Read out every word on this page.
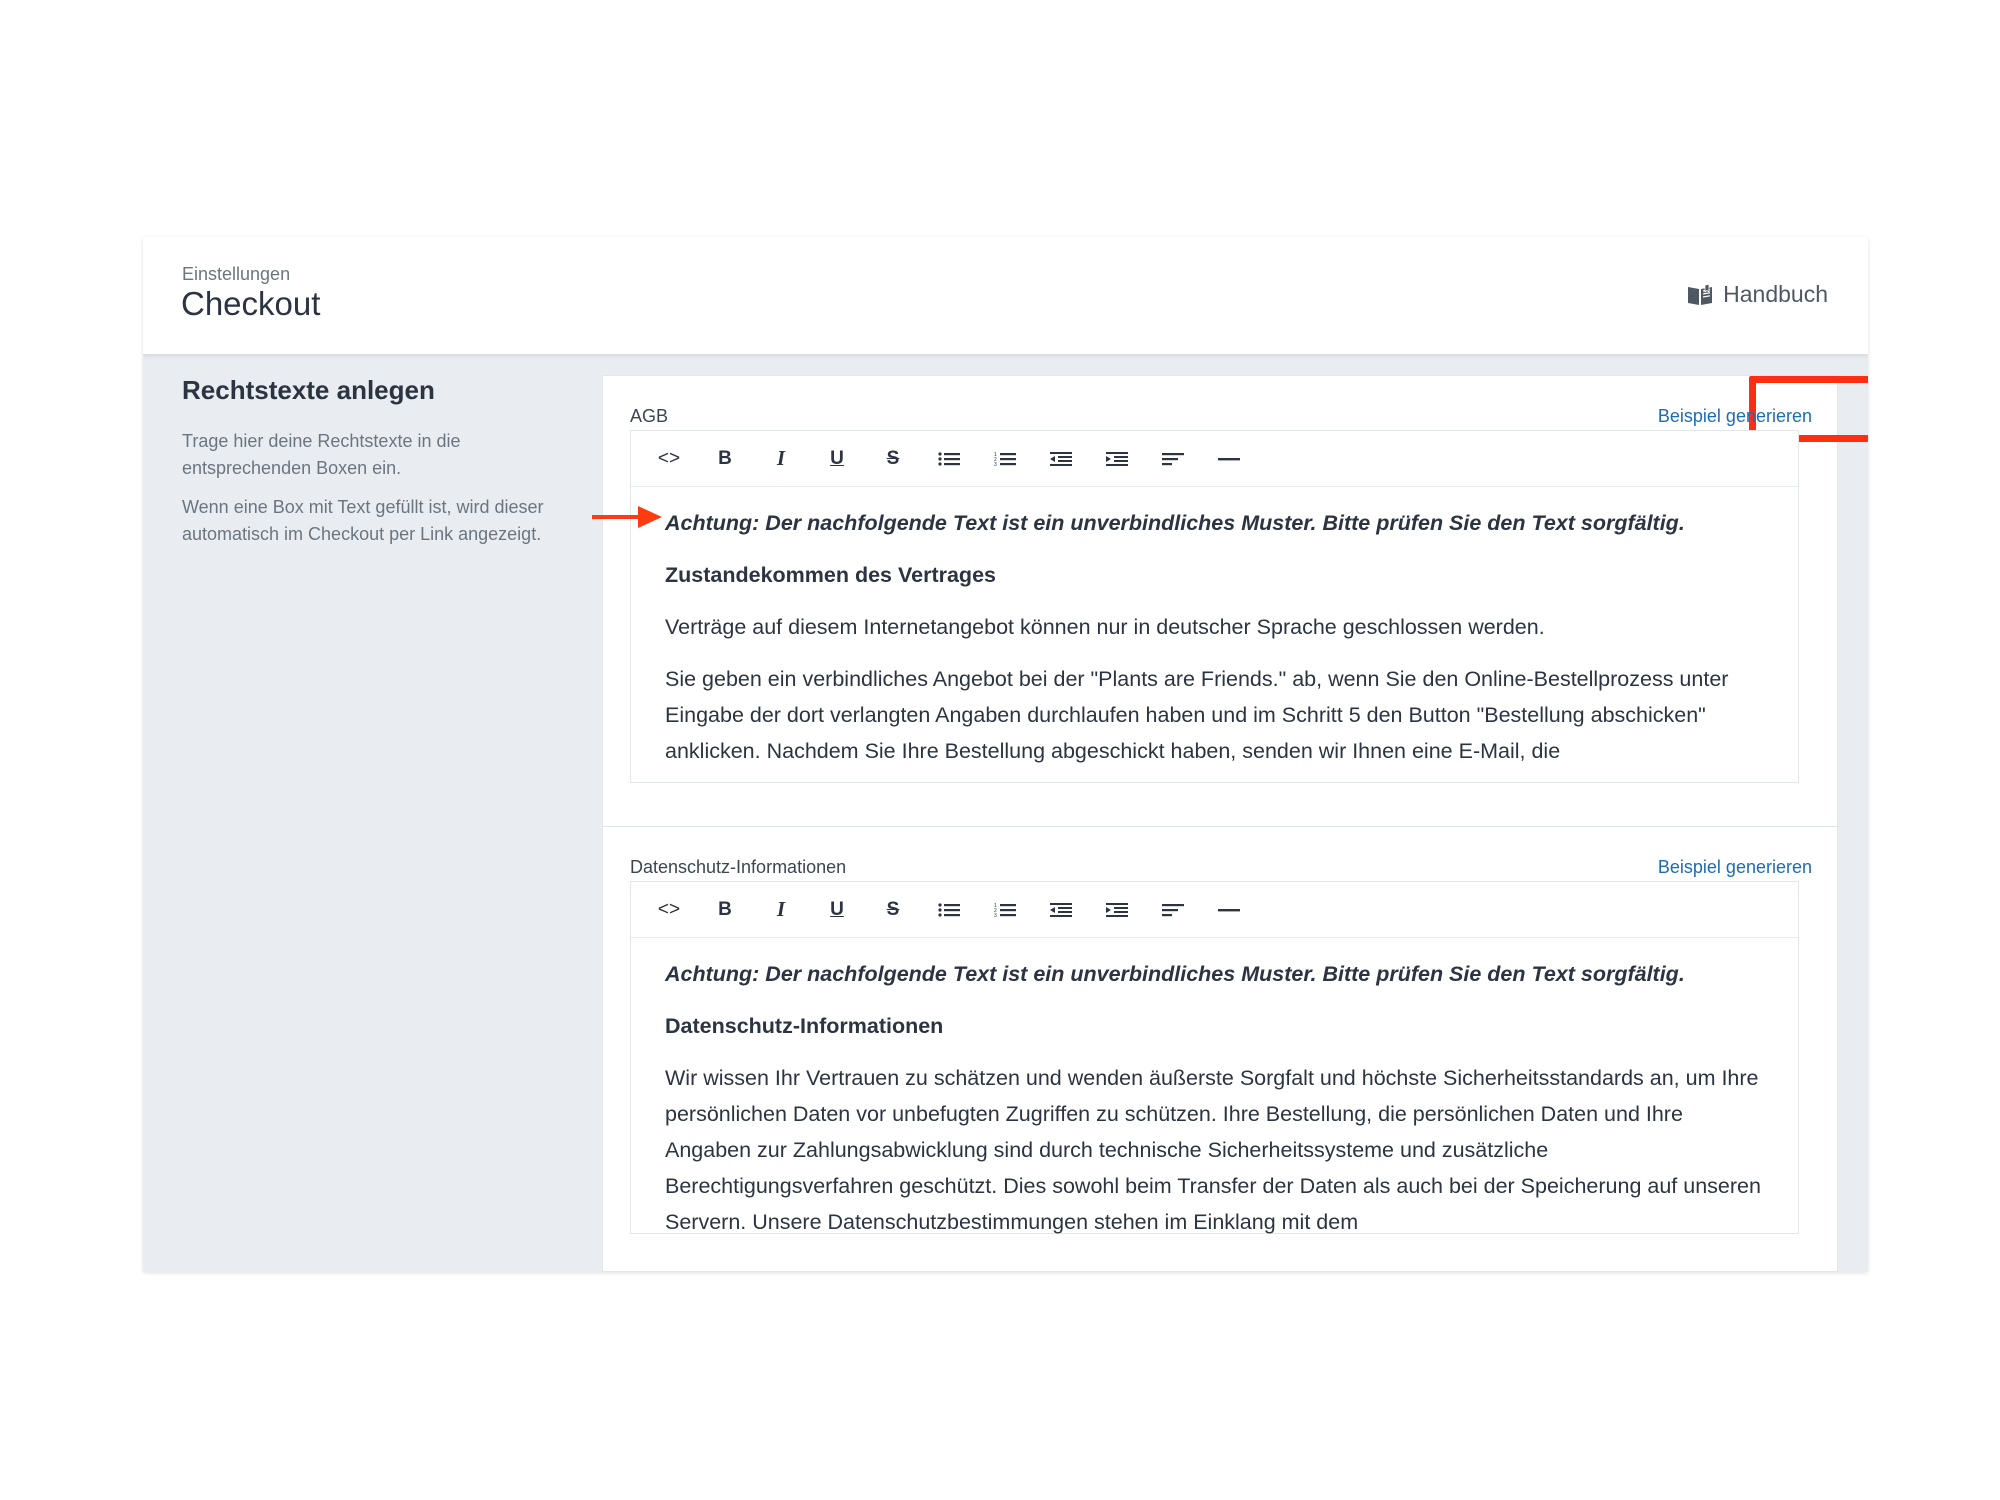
Einstellungen
Checkout	Handbuch
Rechtstexte anlegen

Trage hier deine Rechtstexte in die entsprechenden Boxen ein.

Wenn eine Box mit Text gefüllt ist, wird dieser automatisch im Checkout per Link angezeigt.

AGB	Beispiel generieren
<>	B	I	U	S	1
2
3

Achtung: Der nachfolgende Text ist ein unverbindliches Muster. Bitte prüfen Sie den Text sorgfältig.

Zustandekommen des Vertrages

Verträge auf diesem Internetangebot können nur in deutscher Sprache geschlossen werden.

Sie geben ein verbindliches Angebot bei der "Plants are Friends." ab, wenn Sie den Online-Bestellprozess unter Eingabe der dort verlangten Angaben durchlaufen haben und im Schritt 5 den Button "Bestellung abschicken" anklicken. Nachdem Sie Ihre Bestellung abgeschickt haben, senden wir Ihnen eine E-Mail, die

Datenschutz-Informationen	Beispiel generieren
<>	B	I	U	S	1
2
3

Achtung: Der nachfolgende Text ist ein unverbindliches Muster. Bitte prüfen Sie den Text sorgfältig.

Datenschutz-Informationen

Wir wissen Ihr Vertrauen zu schätzen und wenden äußerste Sorgfalt und höchste Sicherheitsstandards an, um Ihre persönlichen Daten vor unbefugten Zugriffen zu schützen. Ihre Bestellung, die persönlichen Daten und Ihre Angaben zur Zahlungsabwicklung sind durch technische Sicherheitssysteme und zusätzliche Berechtigungsverfahren geschützt. Dies sowohl beim Transfer der Daten als auch bei der Speicherung auf unseren Servern. Unsere Datenschutzbestimmungen stehen im Einklang mit dem
